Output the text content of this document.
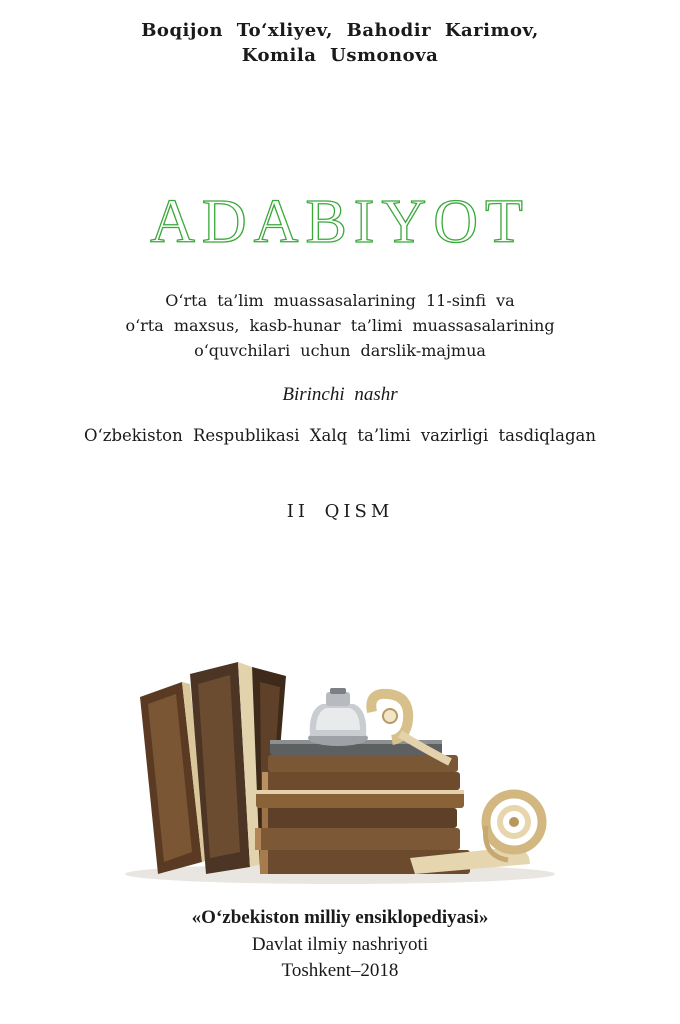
Boqijon To‘xliyev, Bahodir Karimov,
Komila Usmonova
ADABIYOT
O‘rta ta’lim muassasalarining 11-sinfi va
o‘rta maxsus, kasb-hunar ta’limi muassasalarining
o‘quvchilari uchun darslik-majmua
Birinchi nashr
O‘zbekiston Respublikasi Xalq ta’limi vazirligi tasdiqlagan
II QISM
«O‘zbekiston milliy ensiklopediyasi»
Davlat ilmiy nashriyoti
Toshkent–2018
